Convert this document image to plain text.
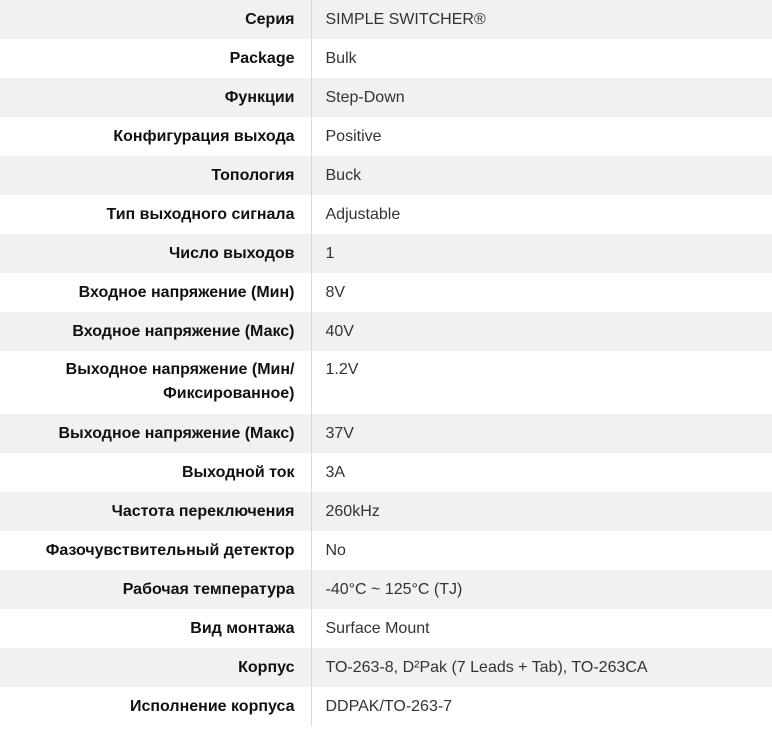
Серия	SIMPLE SWITCHER®
Package	Bulk
Функции	Step-Down
Конфигурация выхода	Positive
Топология	Buck
Тип выходного сигнала	Adjustable
Число выходов	1
Входное напряжение (Мин)	8V
Входное напряжение (Макс)	40V
Выходное напряжение (Мин/ Фиксированное)	1.2V
Выходное напряжение (Макс)	37V
Выходной ток	3A
Частота переключения	260kHz
Фазочувствительный детектор	No
Рабочая температура	-40°C ~ 125°C (TJ)
Вид монтажа	Surface Mount
Корпус	TO-263-8, D²Pak (7 Leads + Tab), TO-263CA
Исполнение корпуса	DDPAK/TO-263-7
